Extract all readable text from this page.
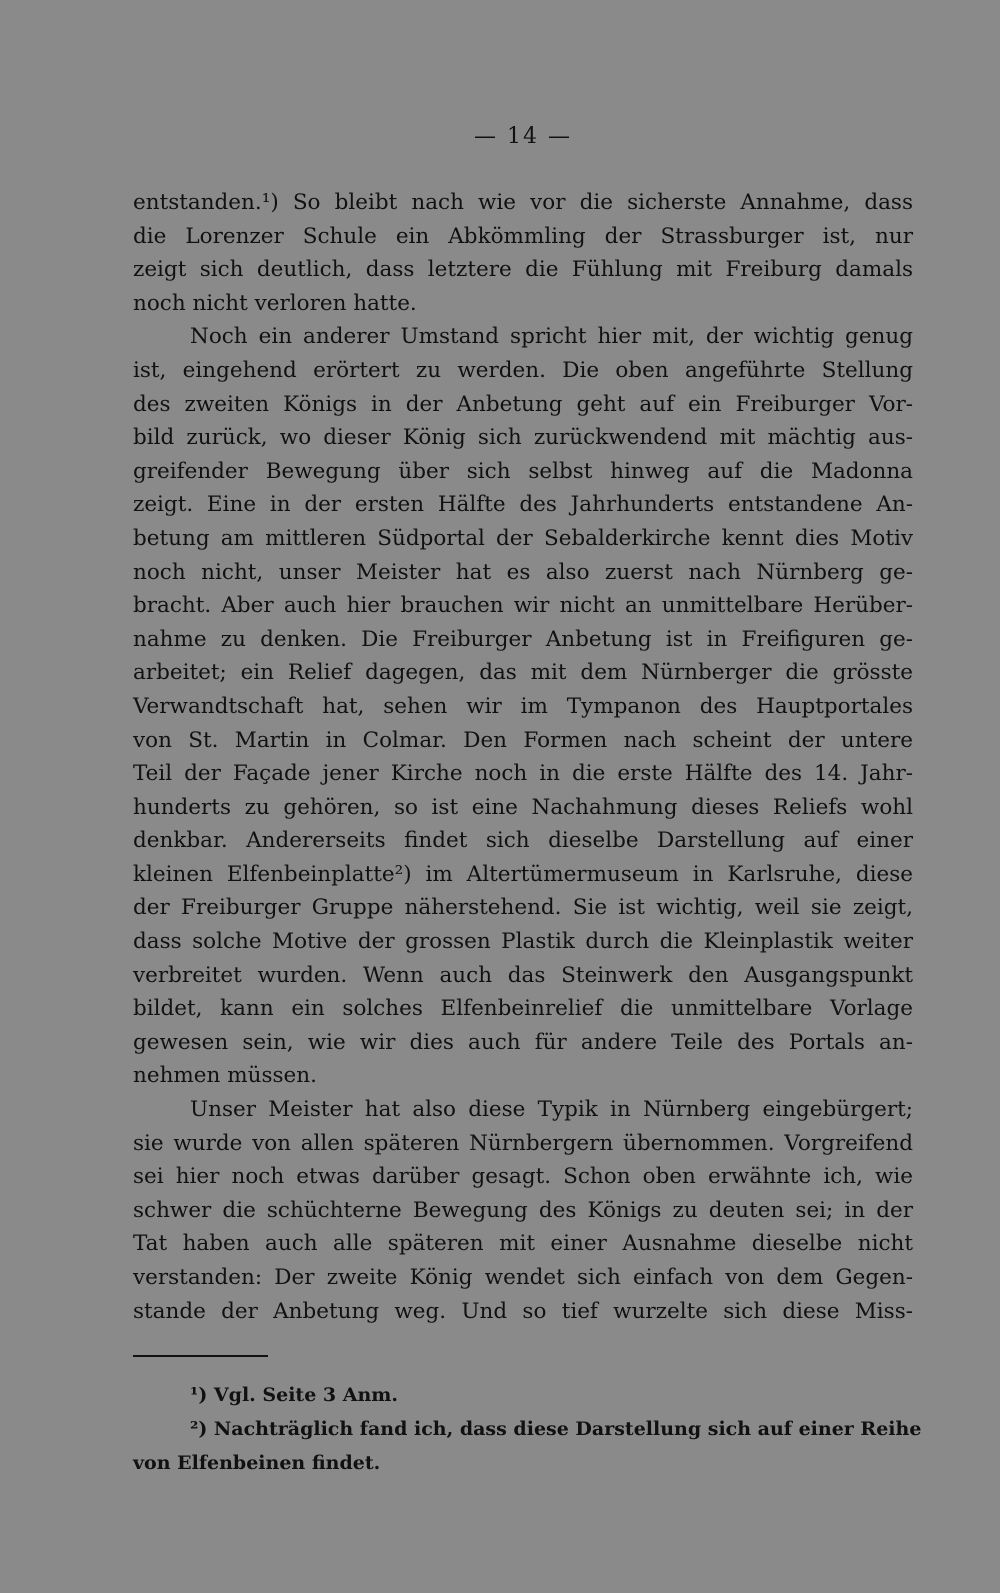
— 14 —
entstanden.¹) So bleibt nach wie vor die sicherste Annahme, dass
die Lorenzer Schule ein Abkömmling der Strassburger ist, nur
zeigt sich deutlich, dass letztere die Fühlung mit Freiburg damals
noch nicht verloren hatte.
Noch ein anderer Umstand spricht hier mit, der wichtig genug
ist, eingehend erörtert zu werden. Die oben angeführte Stellung
des zweiten Königs in der Anbetung geht auf ein Freiburger Vor-
bild zurück, wo dieser König sich zurückwendend mit mächtig aus-
greifender Bewegung über sich selbst hinweg auf die Madonna
zeigt. Eine in der ersten Hälfte des Jahrhunderts entstandene An-
betung am mittleren Südportal der Sebalderkirche kennt dies Motiv
noch nicht, unser Meister hat es also zuerst nach Nürnberg ge-
bracht. Aber auch hier brauchen wir nicht an unmittelbare Herüber-
nahme zu denken. Die Freiburger Anbetung ist in Freifiguren ge-
arbeitet; ein Relief dagegen, das mit dem Nürnberger die grösste
Verwandtschaft hat, sehen wir im Tympanon des Hauptportales
von St. Martin in Colmar. Den Formen nach scheint der untere
Teil der Façade jener Kirche noch in die erste Hälfte des 14. Jahr-
hunderts zu gehören, so ist eine Nachahmung dieses Reliefs wohl
denkbar. Andererseits findet sich dieselbe Darstellung auf einer
kleinen Elfenbeinplatte²) im Altertümermuseum in Karlsruhe, diese
der Freiburger Gruppe näherstehend. Sie ist wichtig, weil sie zeigt,
dass solche Motive der grossen Plastik durch die Kleinplastik weiter
verbreitet wurden. Wenn auch das Steinwerk den Ausgangspunkt
bildet, kann ein solches Elfenbeinrelief die unmittelbare Vorlage
gewesen sein, wie wir dies auch für andere Teile des Portals an-
nehmen müssen.
Unser Meister hat also diese Typik in Nürnberg eingebürgert;
sie wurde von allen späteren Nürnbergern übernommen. Vorgreifend
sei hier noch etwas darüber gesagt. Schon oben erwähnte ich, wie
schwer die schüchterne Bewegung des Königs zu deuten sei; in der
Tat haben auch alle späteren mit einer Ausnahme dieselbe nicht
verstanden: Der zweite König wendet sich einfach von dem Gegen-
stande der Anbetung weg. Und so tief wurzelte sich diese Miss-
¹) Vgl. Seite 3 Anm.
²) Nachträglich fand ich, dass diese Darstellung sich auf einer Reihe
von Elfenbeinen findet.
